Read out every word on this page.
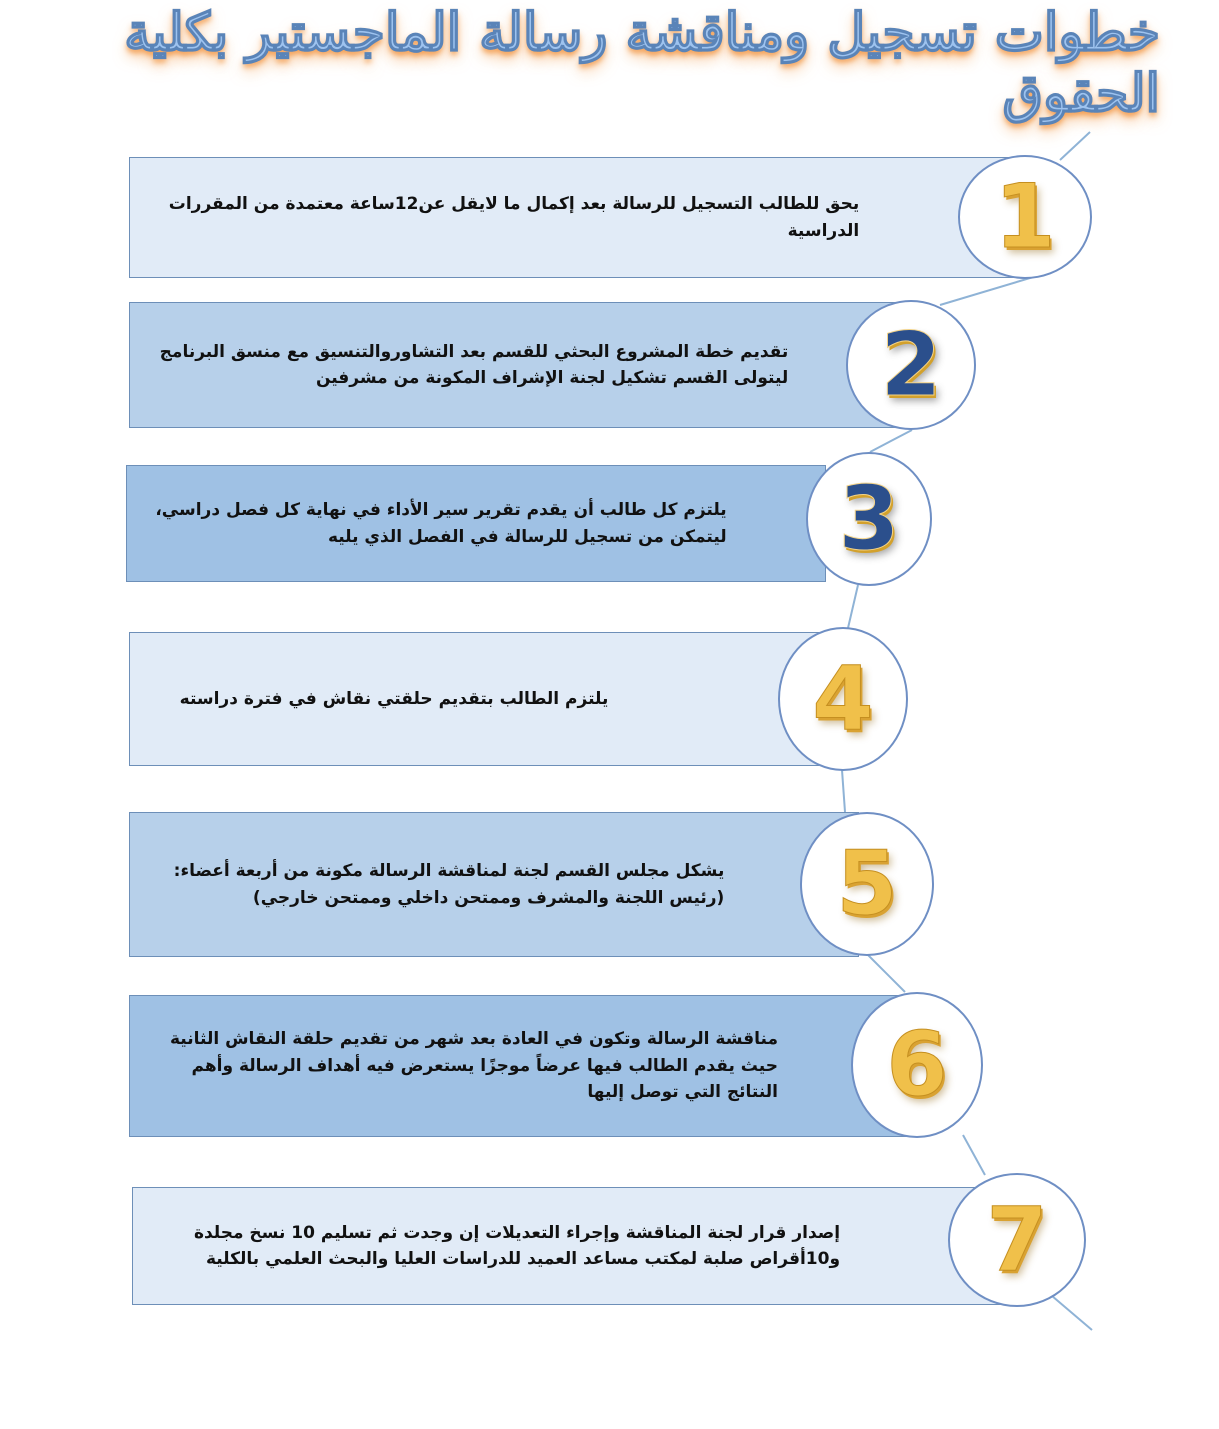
خطوات تسجيل ومناقشة رسالة الماجستير بكلية الحقوق
يحق للطالب التسجيل للرسالة بعد إكمال ما لايقل عن12ساعة معتمدة من المقررات
الدراسية 1
تقديم خطة المشروع البحثي للقسم بعد التشاوروالتنسيق مع منسق البرنامج
ليتولى القسم تشكيل لجنة الإشراف المكونة من مشرفين	2
يلتزم كل طالب أن يقدم تقرير سير الأداء في نهاية كل فصل دراسي،
ليتمكن من تسجيل للرسالة في الفصل الذي يليه	3
يلتزم الطالب بتقديم حلقتي نقاش في فترة دراسته 4
يشكل مجلس القسم لجنة لمناقشة الرسالة مكونة من أربعة أعضاء:
(رئيس اللجنة والمشرف وممتحن داخلي وممتحن خارجي)	5
مناقشة الرسالة وتكون في العادة بعد شهر من تقديم حلقة النقاش الثانية
حيث يقدم الطالب فيها عرضاً موجزًا يستعرض فيه أهداف الرسالة وأهم
النتائج التي توصل إليها	6
إصدار قرار لجنة المناقشة وإجراء التعديلات إن وجدت ثم تسليم 10 نسخ مجلدة
و10أقراص صلبة لمكتب مساعد العميد للدراسات العليا والبحث العلمي بالكلية	7
